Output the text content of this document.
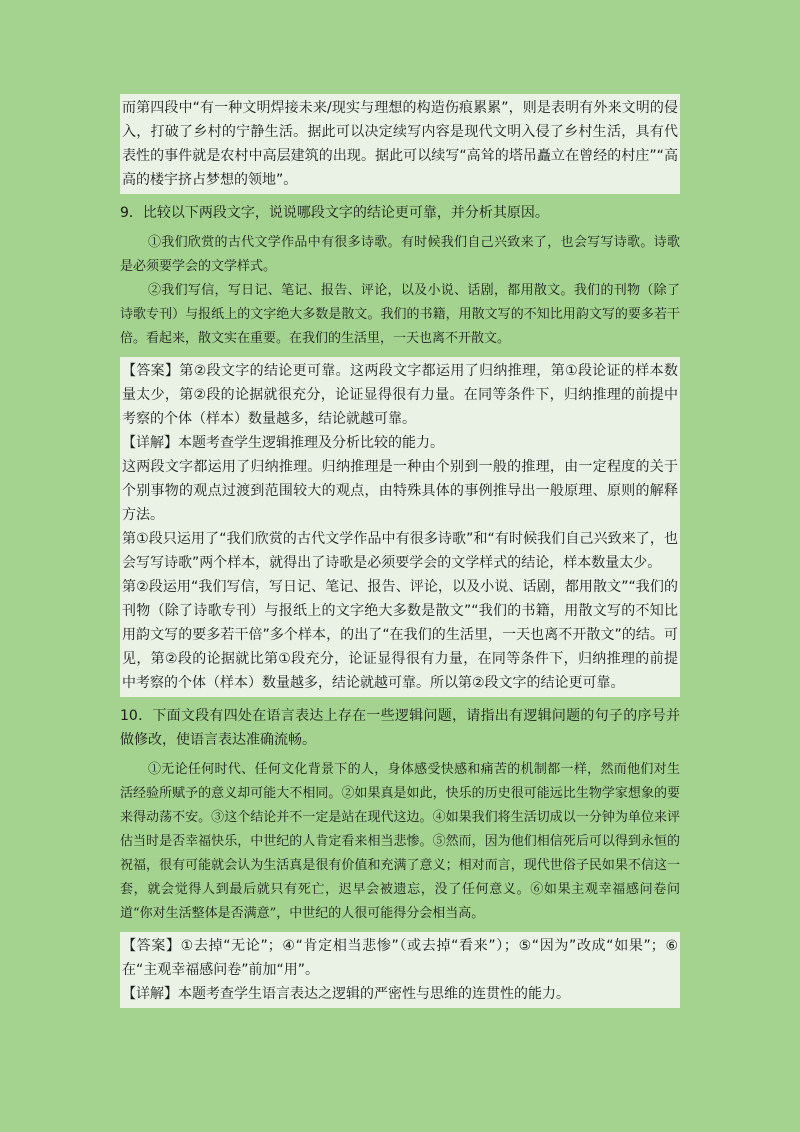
而第四段中“有一种文明焊接未来/现实与理想的构造伤痕累累”，则是表明有外来文明的侵入，打破了乡村的宁静生活。据此可以决定续写内容是现代文明入侵了乡村生活，具有代表性的事件就是农村中高层建筑的出现。据此可以续写“高耸的塔吊矗立在曾经的村庄”“高高的楼宇挤占梦想的领地”。

9．比较以下两段文字，说说哪段文字的结论更可靠，并分析其原因。

①我们欣赏的古代文学作品中有很多诗歌。有时候我们自己兴致来了，也会写写诗歌。诗歌是必须要学会的文学样式。

②我们写信，写日记、笔记、报告、评论，以及小说、话剧，都用散文。我们的刊物（除了诗歌专刊）与报纸上的文字绝大多数是散文。我们的书籍，用散文写的不知比用韵文写的要多若干倍。看起来，散文实在重要。在我们的生活里，一天也离不开散文。

【答案】第②段文字的结论更可靠。这两段文字都运用了归纳推理，第①段论证的样本数量太少，第②段的论据就很充分，论证显得很有力量。在同等条件下，归纳推理的前提中考察的个体（样本）数量越多，结论就越可靠。

【详解】本题考查学生逻辑推理及分析比较的能力。

这两段文字都运用了归纳推理。归纳推理是一种由个别到一般的推理，由一定程度的关于个别事物的观点过渡到范围较大的观点，由特殊具体的事例推导出一般原理、原则的解释方法。

第①段只运用了“我们欣赏的古代文学作品中有很多诗歌”和“有时候我们自己兴致来了，也会写写诗歌”两个样本，就得出了诗歌是必须要学会的文学样式的结论，样本数量太少。

第②段运用“我们写信，写日记、笔记、报告、评论，以及小说、话剧，都用散文”“我们的刊物（除了诗歌专刊）与报纸上的文字绝大多数是散文”“我们的书籍，用散文写的不知比用韵文写的要多若干倍”多个样本，的出了“在我们的生活里，一天也离不开散文”的结。可见，第②段的论据就比第①段充分，论证显得很有力量，在同等条件下，归纳推理的前提中考察的个体（样本）数量越多，结论就越可靠。所以第②段文字的结论更可靠。

10．下面文段有四处在语言表达上存在一些逻辑问题，请指出有逻辑问题的句子的序号并做修改，使语言表达准确流畅。

①无论任何时代、任何文化背景下的人，身体感受快感和痛苦的机制都一样，然而他们对生活经验所赋予的意义却可能大不相同。②如果真是如此，快乐的历史很可能远比生物学家想象的要来得动荡不安。③这个结论并不一定是站在现代这边。④如果我们将生活切成以一分钟为单位来评估当时是否幸福快乐，中世纪的人肯定看来相当悲惨。⑤然而，因为他们相信死后可以得到永恒的祝福，很有可能就会认为生活真是很有价值和充满了意义；相对而言，现代世俗子民如果不信这一套，就会觉得人到最后就只有死亡，迟早会被遗忘，没了任何意义。⑥如果主观幸福感问卷问道“你对生活整体是否满意”，中世纪的人很可能得分会相当高。

【答案】①去掉“无论”；④“肯定相当悲惨”（或去掉“看来”）；⑤“因为”改成“如果”；⑥在“主观幸福感问卷”前加“用”。

【详解】本题考查学生语言表达之逻辑的严密性与思维的连贯性的能力。
